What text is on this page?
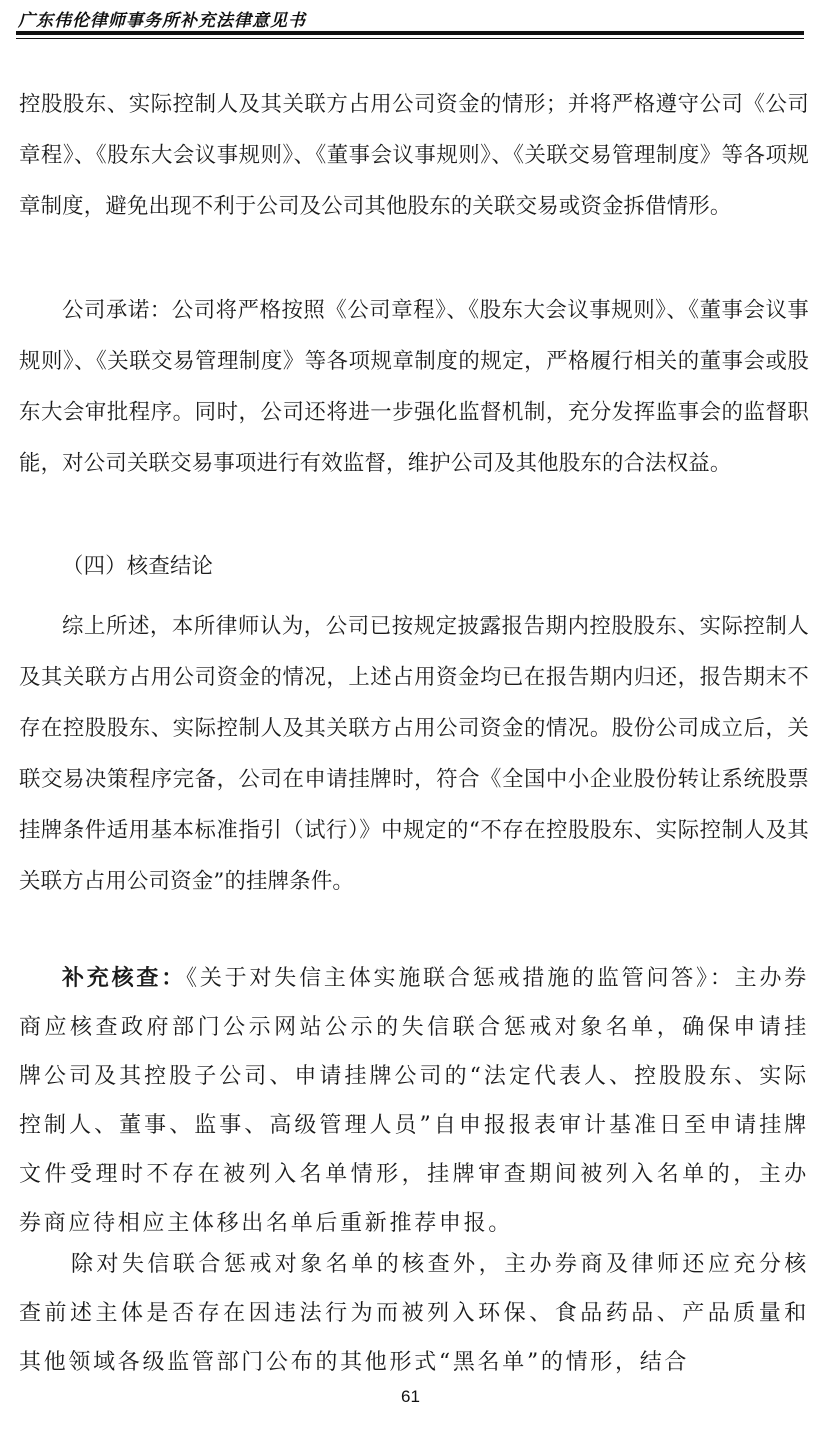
广东伟伦律师事务所补充法律意见书

控股股东、实际控制人及其关联方占用公司资金的情形；并将严格遵守公司《公司章程》、《股东大会议事规则》、《董事会议事规则》、《关联交易管理制度》等各项规章制度，避免出现不利于公司及公司其他股东的关联交易或资金拆借情形。

公司承诺：公司将严格按照《公司章程》、《股东大会议事规则》、《董事会议事规则》、《关联交易管理制度》等各项规章制度的规定，严格履行相关的董事会或股东大会审批程序。同时，公司还将进一步强化监督机制，充分发挥监事会的监督职能，对公司关联交易事项进行有效监督，维护公司及其他股东的合法权益。

（四）核查结论

综上所述，本所律师认为，公司已按规定披露报告期内控股股东、实际控制人及其关联方占用公司资金的情况，上述占用资金均已在报告期内归还，报告期末不存在控股股东、实际控制人及其关联方占用公司资金的情况。股份公司成立后，关联交易决策程序完备，公司在申请挂牌时，符合《全国中小企业股份转让系统股票挂牌条件适用基本标准指引（试行）》中规定的“不存在控股股东、实际控制人及其关联方占用公司资金”的挂牌条件。

补充核查：《关于对失信主体实施联合惩戒措施的监管问答》：主办券商应核查政府部门公示网站公示的失信联合惩戒对象名单，确保申请挂牌公司及其控股子公司、申请挂牌公司的“法定代表人、控股股东、实际控制人、董事、监事、高级管理人员”自申报报表审计基准日至申请挂牌文件受理时不存在被列入名单情形，挂牌审查期间被列入名单的，主办券商应待相应主体移出名单后重新推荐申报。

除对失信联合惩戒对象名单的核查外，主办券商及律师还应充分核查前述主体是否存在因违法行为而被列入环保、食品药品、产品质量和其他领域各级监管部门公布的其他形式“黑名单”的情形，结合

61
